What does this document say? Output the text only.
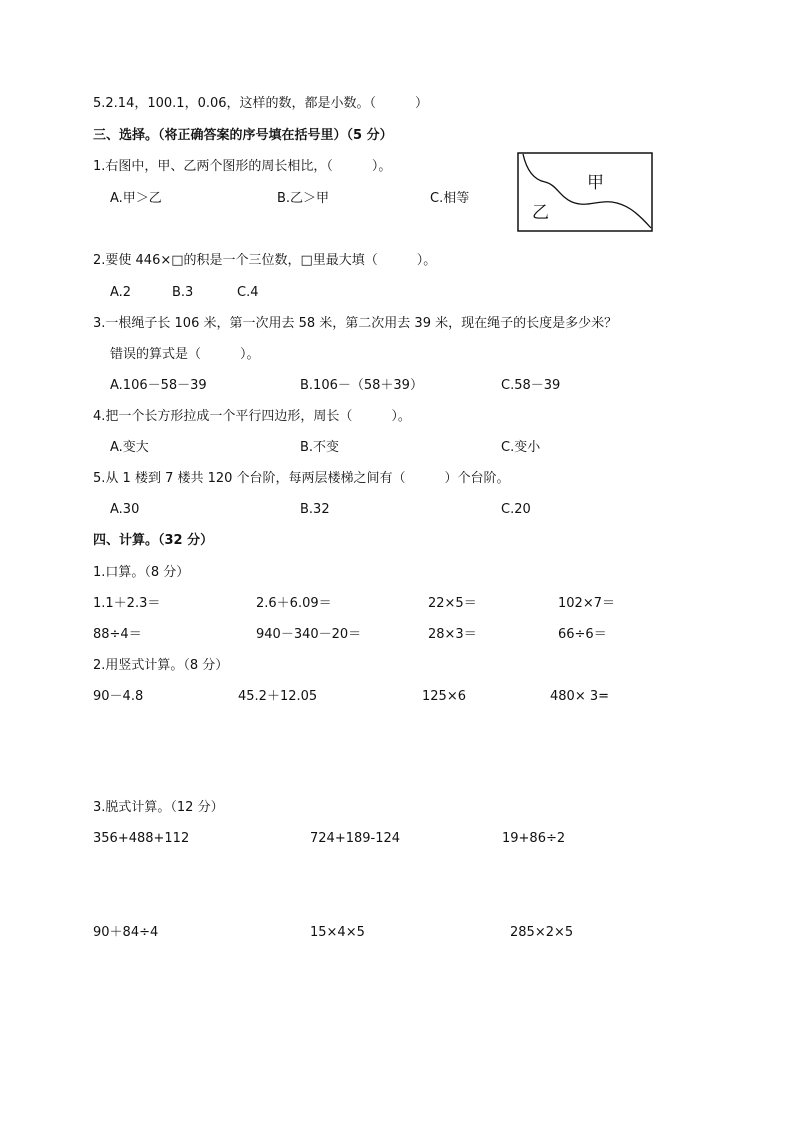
5.2.14，100.1，0.06，这样的数，都是小数。（　　　）
三、选择。（将正确答案的序号填在括号里）（5 分）
1.右图中，甲、乙两个图形的周长相比，（　　　）。
A.甲＞乙	B.乙＞甲	C.相等
甲
乙
2.要使 446×□的积是一个三位数，□里最大填（　　　）。
A.2	B.3	C.4
3.一根绳子长 106 米，第一次用去 58 米，第二次用去 39 米，现在绳子的长度是多少米？
错误的算式是（　　　）。
A.106－58－39	B.106－（58＋39）	C.58－39
4.把一个长方形拉成一个平行四边形，周长（　　　）。
A.变大	B.不变	C.变小
5.从 1 楼到 7 楼共 120 个台阶，每两层楼梯之间有（　　　）个台阶。
A.30	B.32	C.20
四、计算。（32 分）
1.口算。（8 分）
1.1＋2.3＝	2.6＋6.09＝	22×5＝	102×7＝
88÷4＝	940－340－20＝	28×3＝	66÷6＝
2.用竖式计算。（8 分）
90－4.8	45.2＋12.05	125×6	480× 3=
3.脱式计算。（12 分）
356+488+112	724+189-124	19+86÷2
90＋84÷4	15×4×5	285×2×5
